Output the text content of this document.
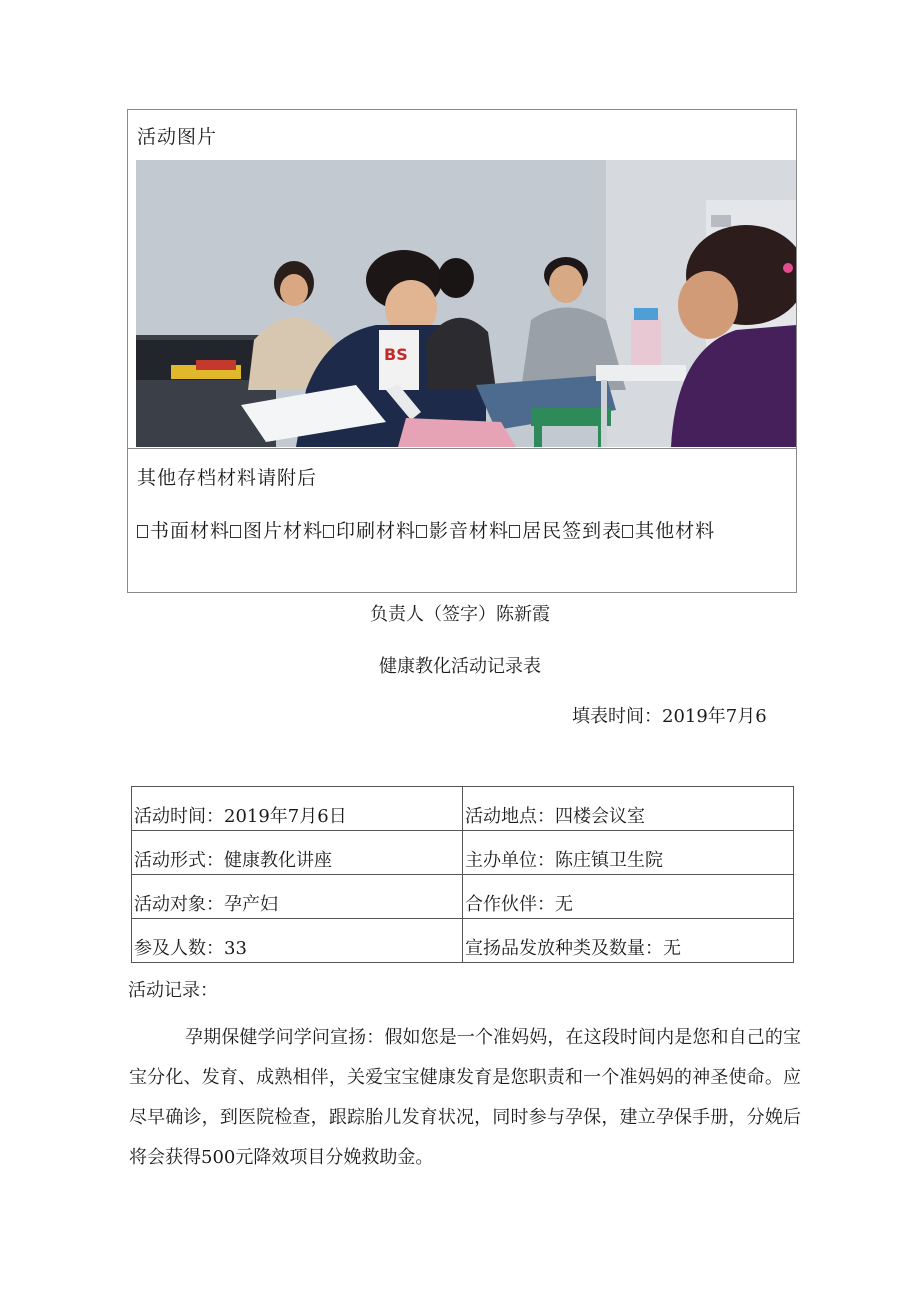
活动图片
BS
其他存档材料请附后
书面材料 图片材料 印刷材料 影音材料 居民签到表 其他材料
负责人（签字）陈新霞
健康教化活动记录表
填表时间：2019年7月6
活动时间：2019年7月6日	活动地点：四楼会议室
活动形式：健康教化讲座	主办单位：陈庄镇卫生院
活动对象：孕产妇	合作伙伴：无
参及人数：33	宣扬品发放种类及数量：无
活动记录：
孕期保健学问学问宣扬：假如您是一个准妈妈，在这段时间内是您和自己的宝宝分化、发育、成熟相伴，关爱宝宝健康发育是您职责和一个准妈妈的神圣使命。应尽早确诊，到医院检查，跟踪胎儿发育状况，同时参与孕保，建立孕保手册，分娩后将会获得500元降效项目分娩救助金。
